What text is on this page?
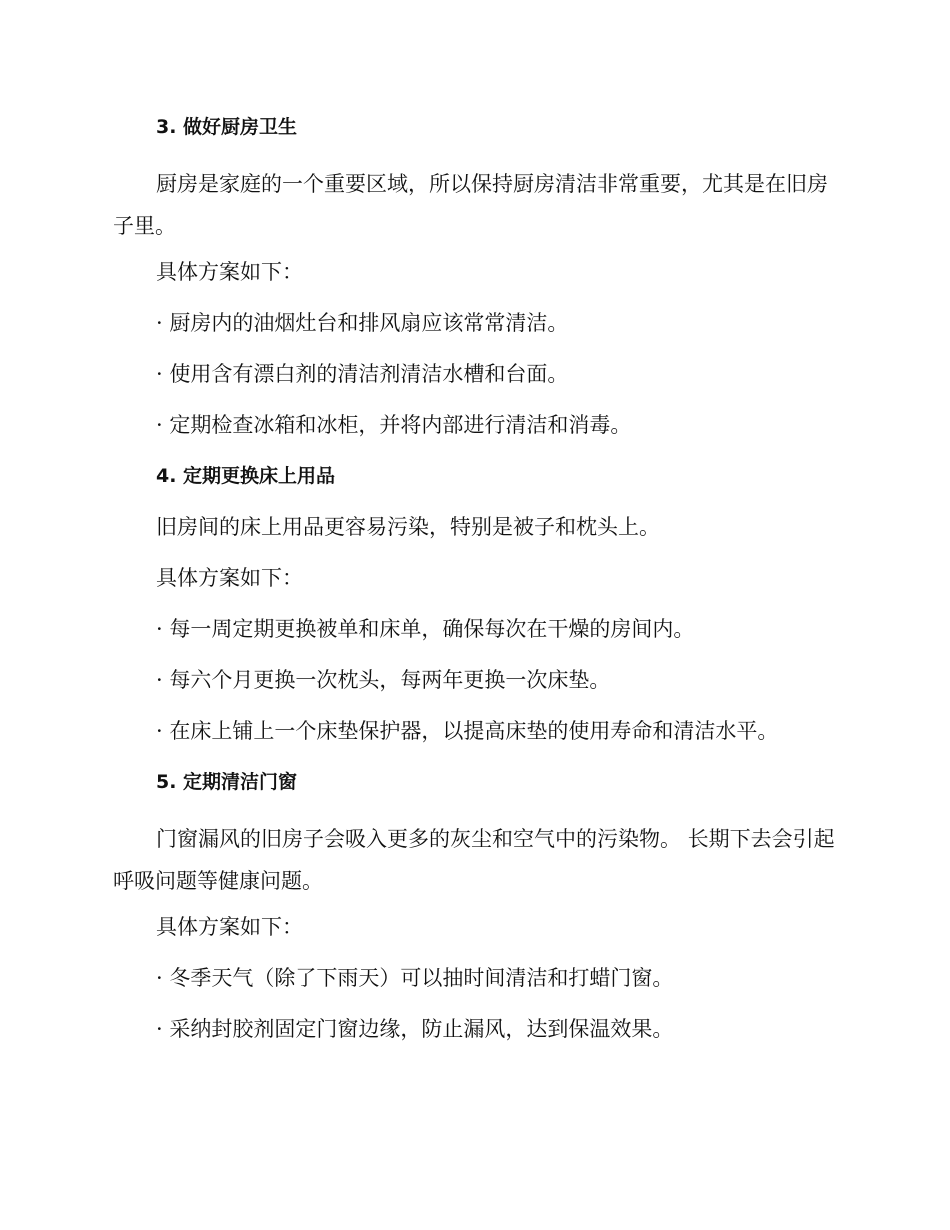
3. 做好厨房卫生

厨房是家庭的一个重要区域，所以保持厨房清洁非常重要，尤其是在旧房子里。

具体方案如下：

· 厨房内的油烟灶台和排风扇应该常常清洁。

· 使用含有漂白剂的清洁剂清洁水槽和台面。

· 定期检查冰箱和冰柜，并将内部进行清洁和消毒。

4. 定期更换床上用品

旧房间的床上用品更容易污染，特别是被子和枕头上。

具体方案如下：

· 每一周定期更换被单和床单，确保每次在干燥的房间内。

· 每六个月更换一次枕头，每两年更换一次床垫。

· 在床上铺上一个床垫保护器，以提高床垫的使用寿命和清洁水平。

5. 定期清洁门窗

门窗漏风的旧房子会吸入更多的灰尘和空气中的污染物。 长期下去会引起呼吸问题等健康问题。

具体方案如下：

· 冬季天气（除了下雨天）可以抽时间清洁和打蜡门窗。

· 采纳封胶剂固定门窗边缘，防止漏风，达到保温效果。
